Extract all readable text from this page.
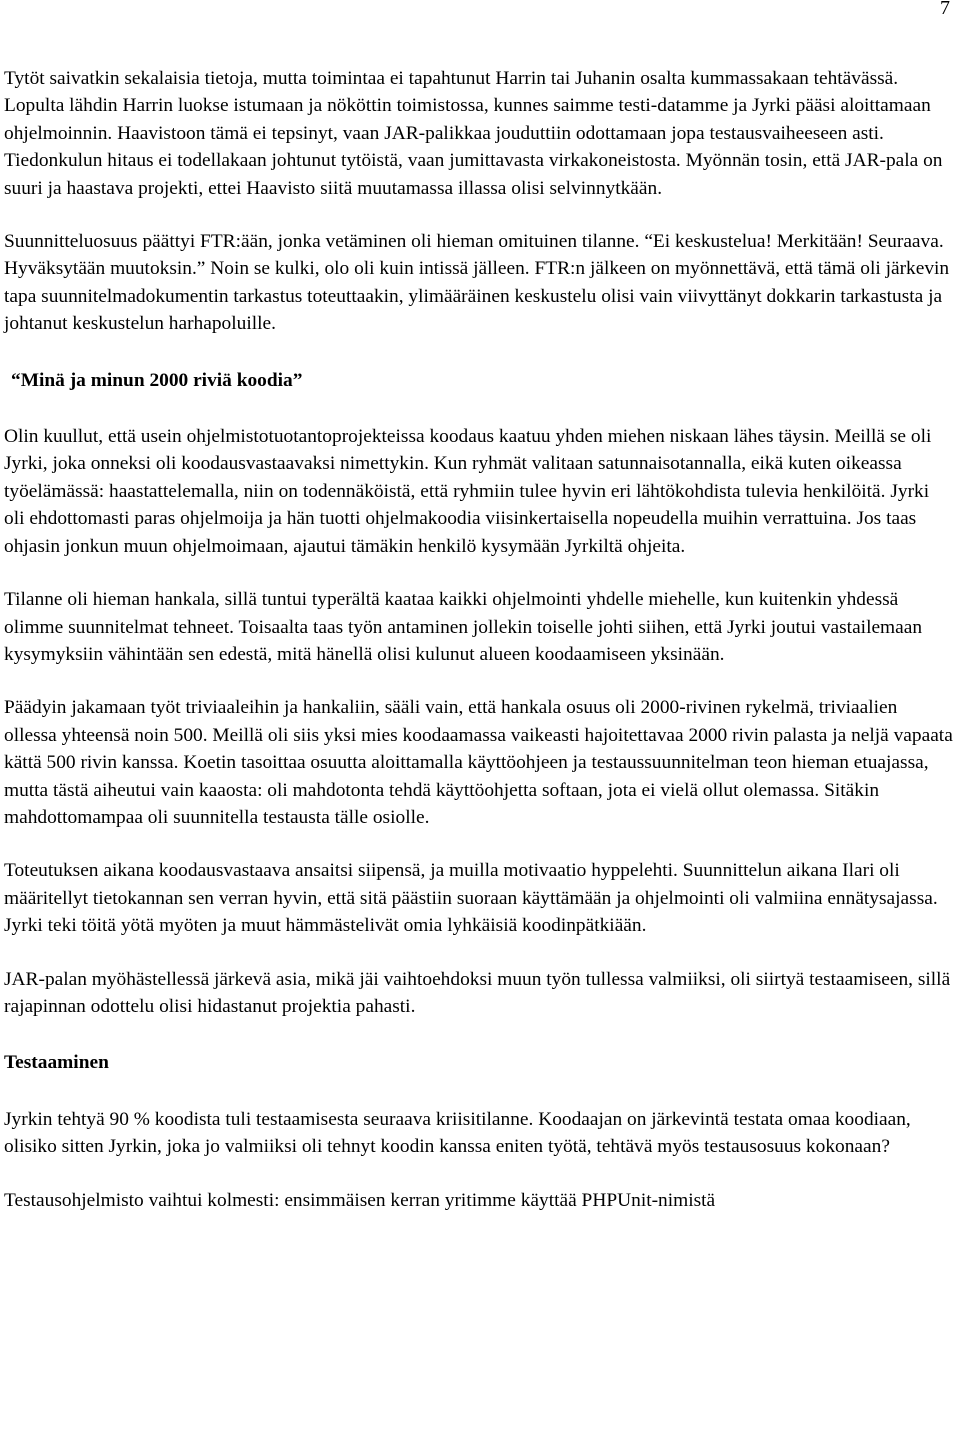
7

Tytöt saivatkin sekalaisia tietoja, mutta toimintaa ei tapahtunut Harrin tai Juhanin osalta kummassakaan tehtävässä. Lopulta lähdin Harrin luokse istumaan ja nököttin toimistossa, kunnes saimme testi-datamme ja Jyrki pääsi aloittamaan ohjelmoinnin. Haavistoon tämä ei tepsinyt, vaan JAR-palikkaa jouduttiin odottamaan jopa testausvaiheeseen asti. Tiedonkulun hitaus ei todellakaan johtunut tytöistä, vaan jumittavasta virkakoneistosta. Myönnän tosin, että JAR-pala on suuri ja haastava projekti, ettei Haavisto siitä muutamassa illassa olisi selvinnytkään.

Suunnitteluosuus päättyi FTR:ään, jonka vetäminen oli hieman omituinen tilanne. “Ei keskustelua! Merkitään! Seuraava. Hyväksytään muutoksin.” Noin se kulki, olo oli kuin intissä jälleen. FTR:n jälkeen on myönnettävä, että tämä oli järkevin tapa suunnitelmadokumentin tarkastus toteuttaakin, ylimääräinen keskustelu olisi vain viivyttänyt dokkarin tarkastusta ja johtanut keskustelun harhapoluille.

“Minä ja minun 2000 riviä koodia”

Olin kuullut, että usein ohjelmistotuotantoprojekteissa koodaus kaatuu yhden miehen niskaan lähes täysin. Meillä se oli Jyrki, joka onneksi oli koodausvastaavaksi nimettykin. Kun ryhmät valitaan satunnaisotannalla, eikä kuten oikeassa työelämässä: haastattelemalla, niin on todennäköistä, että ryhmiin tulee hyvin eri lähtökohdista tulevia henkilöitä. Jyrki oli ehdottomasti paras ohjelmoija ja hän tuotti ohjelmakoodia viisinkertaisella nopeudella muihin verrattuina. Jos taas ohjasin jonkun muun ohjelmoimaan, ajautui tämäkin henkilö kysymään Jyrkiltä ohjeita.

Tilanne oli hieman hankala, sillä tuntui typerältä kaataa kaikki ohjelmointi yhdelle miehelle, kun kuitenkin yhdessä olimme suunnitelmat tehneet. Toisaalta taas työn antaminen jollekin toiselle johti siihen, että Jyrki joutui vastailemaan kysymyksiin vähintään sen edestä, mitä hänellä olisi kulunut alueen koodaamiseen yksinään.

Päädyin jakamaan työt triviaaleihin ja hankaliin, sääli vain, että hankala osuus oli 2000-rivinen rykelmä, triviaalien ollessa yhteensä noin 500. Meillä oli siis yksi mies koodaamassa vaikeasti hajoitettavaa 2000 rivin palasta ja neljä vapaata kättä 500 rivin kanssa. Koetin tasoittaa osuutta aloittamalla käyttöohjeen ja testaussuunnitelman teon hieman etuajassa, mutta tästä aiheutui vain kaaosta: oli mahdotonta tehdä käyttöohjetta softaan, jota ei vielä ollut olemassa. Sitäkin mahdottomampaa oli suunnitella testausta tälle osiolle.

Toteutuksen aikana koodausvastaava ansaitsi siipensä, ja muilla motivaatio hyppelehti. Suunnittelun aikana Ilari oli määritellyt tietokannan sen verran hyvin, että sitä päästiin suoraan käyttämään ja ohjelmointi oli valmiina ennätysajassa. Jyrki teki töitä yötä myöten ja muut hämmästelivät omia lyhkäisiä koodinpätkiään.

JAR-palan myöhästellessä järkevä asia, mikä jäi vaihtoehdoksi muun työn tullessa valmiiksi, oli siirtyä testaamiseen, sillä rajapinnan odottelu olisi hidastanut projektia pahasti.

Testaaminen

Jyrkin tehtyä 90 % koodista tuli testaamisesta seuraava kriisitilanne. Koodaajan on järkevintä testata omaa koodiaan, olisiko sitten Jyrkin, joka jo valmiiksi oli tehnyt koodin kanssa eniten työtä, tehtävä myös testausosuus kokonaan?

Testausohjelmisto vaihtui kolmesti: ensimmäisen kerran yritimme käyttää PHPUnit-nimistä
